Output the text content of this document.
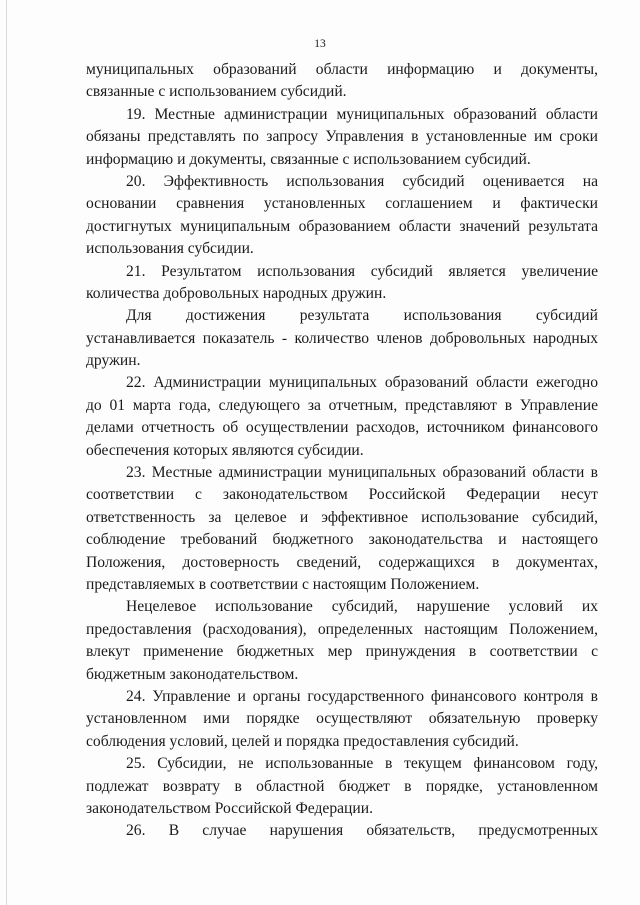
13
муниципальных образований области информацию и документы,
связанные с использованием субсидий.
19. Местные администрации муниципальных образований области
обязаны представлять по запросу Управления в установленные им сроки
информацию и документы, связанные с использованием субсидий.
20. Эффективность использования субсидий оценивается на
основании сравнения установленных соглашением и фактически
достигнутых муниципальным образованием области значений результата
использования субсидии.
21. Результатом использования субсидий является увеличение
количества добровольных народных дружин.
Для достижения результата использования субсидий
устанавливается показатель - количество членов добровольных народных
дружин.
22. Администрации муниципальных образований области ежегодно
до 01 марта года, следующего за отчетным, представляют в Управление
делами отчетность об осуществлении расходов, источником финансового
обеспечения которых являются субсидии.
23. Местные администрации муниципальных образований области в
соответствии с законодательством Российской Федерации несут
ответственность за целевое и эффективное использование субсидий,
соблюдение требований бюджетного законодательства и настоящего
Положения, достоверность сведений, содержащихся в документах,
представляемых в соответствии с настоящим Положением.
Нецелевое использование субсидий, нарушение условий их
предоставления (расходования), определенных настоящим Положением,
влекут применение бюджетных мер принуждения в соответствии с
бюджетным законодательством.
24. Управление и органы государственного финансового контроля в
установленном ими порядке осуществляют обязательную проверку
соблюдения условий, целей и порядка предоставления субсидий.
25. Субсидии, не использованные в текущем финансовом году,
подлежат возврату в областной бюджет в порядке, установленном
законодательством Российской Федерации.
26. В случае нарушения обязательств, предусмотренных
